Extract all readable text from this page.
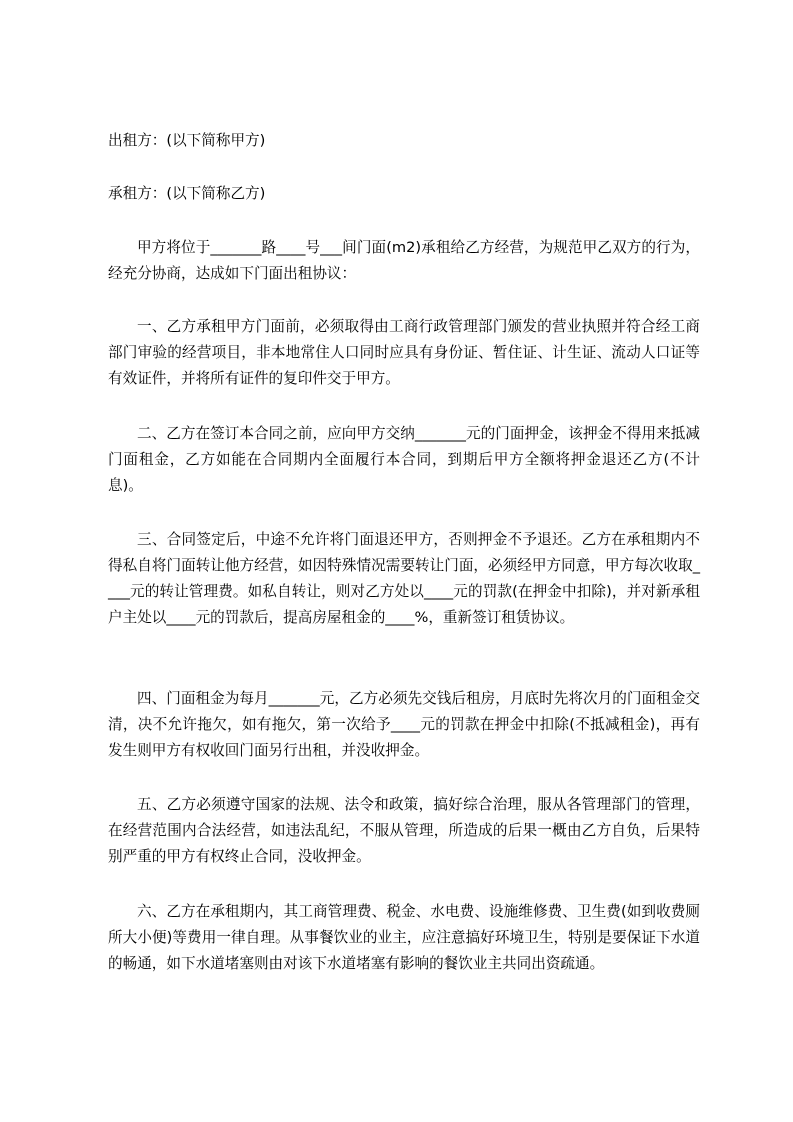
出租方：(以下简称甲方)

承租方：(以下简称乙方)

甲方将位于_______路____号___间门面(m2)承租给乙方经营，为规范甲乙双方的行为，经充分协商，达成如下门面出租协议：

一、乙方承租甲方门面前，必须取得由工商行政管理部门颁发的营业执照并符合经工商部门审验的经营项目，非本地常住人口同时应具有身份证、暂住证、计生证、流动人口证等有效证件，并将所有证件的复印件交于甲方。

二、乙方在签订本合同之前，应向甲方交纳_______元的门面押金，该押金不得用来抵减门面租金，乙方如能在合同期内全面履行本合同，到期后甲方全额将押金退还乙方(不计息)。

三、合同签定后，中途不允许将门面退还甲方，否则押金不予退还。乙方在承租期内不得私自将门面转让他方经营，如因特殊情况需要转让门面，必须经甲方同意，甲方每次收取____元的转让管理费。如私自转让，则对乙方处以____元的罚款(在押金中扣除)，并对新承租户主处以____元的罚款后，提高房屋租金的____%，重新签订租赁协议。

四、门面租金为每月_______元，乙方必须先交钱后租房，月底时先将次月的门面租金交清，决不允许拖欠，如有拖欠，第一次给予____元的罚款在押金中扣除(不抵减租金)，再有发生则甲方有权收回门面另行出租，并没收押金。

五、乙方必须遵守国家的法规、法令和政策，搞好综合治理，服从各管理部门的管理，在经营范围内合法经营，如违法乱纪，不服从管理，所造成的后果一概由乙方自负，后果特别严重的甲方有权终止合同，没收押金。

六、乙方在承租期内，其工商管理费、税金、水电费、设施维修费、卫生费(如到收费厕所大小便)等费用一律自理。从事餐饮业的业主，应注意搞好环境卫生，特别是要保证下水道的畅通，如下水道堵塞则由对该下水道堵塞有影响的餐饮业主共同出资疏通。
